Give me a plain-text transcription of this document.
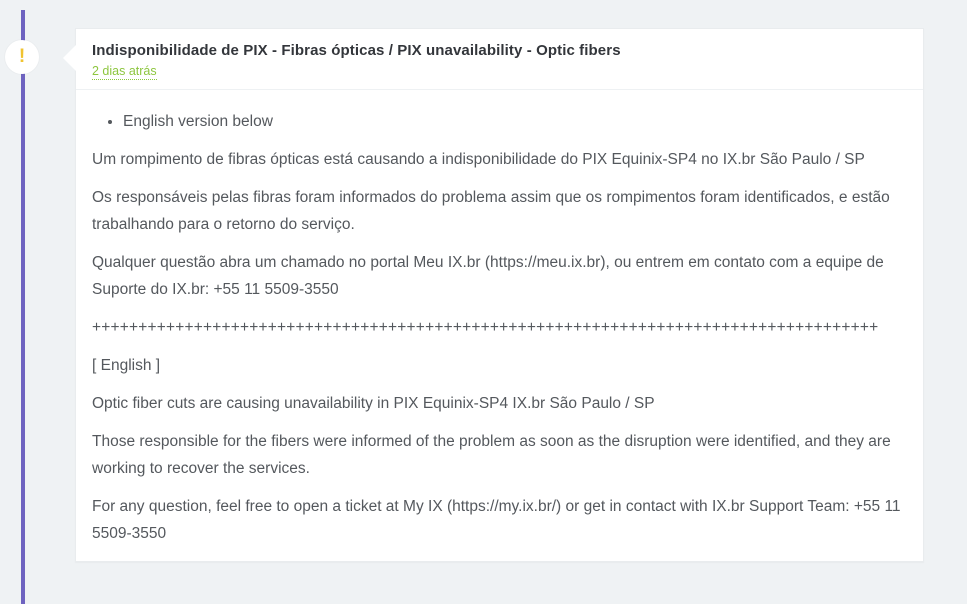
!	Indisponibilidade de PIX - Fibras ópticas / PIX unavailability - Optic fibers
2 dias atrás
• English version below

Um rompimento de fibras ópticas está causando a indisponibilidade do PIX Equinix-SP4 no IX.br São Paulo / SP

Os responsáveis pelas fibras foram informados do problema assim que os rompimentos foram identificados, e estão trabalhando para o retorno do serviço.

Qualquer questão abra um chamado no portal Meu IX.br (https://meu.ix.br), ou entrem em contato com a equipe de Suporte do IX.br: +55 11 5509-3550

+++++++++++++++++++++++++++++++++++++++++++++++++++++++++++++++++++++++++++++++++++++

[ English ]

Optic fiber cuts are causing unavailability in PIX Equinix-SP4 IX.br São Paulo / SP

Those responsible for the fibers were informed of the problem as soon as the disruption were identified, and they are working to recover the services.

For any question, feel free to open a ticket at My IX (https://my.ix.br/) or get in contact with IX.br Support Team: +55 11 5509-3550
